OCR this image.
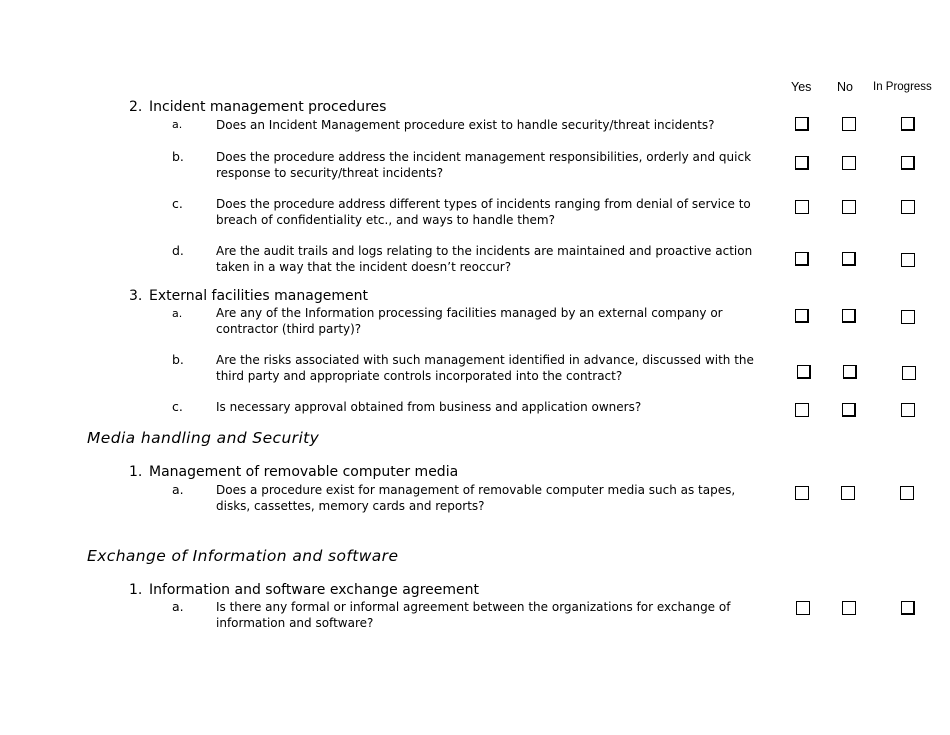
Yes No In Progress
2. Incident management procedures
a.	Does an Incident Management procedure exist to handle security/threat incidents?
b.	Does the procedure address the incident management responsibilities, orderly and quick response to security/threat incidents?
c.	Does the procedure address different types of incidents ranging from denial of service to breach of confidentiality etc., and ways to handle them?
d.	Are the audit trails and logs relating to the incidents are maintained and proactive action taken in a way that the incident doesn’t reoccur?
3. External facilities management
a.	Are any of the Information processing facilities managed by an external company or contractor (third party)?
b.	Are the risks associated with such management identified in advance, discussed with the third party and appropriate controls incorporated into the contract?
c.	Is necessary approval obtained from business and application owners?
Media handling and Security
1. Management of removable computer media
a.	Does a procedure exist for management of removable computer media such as tapes, disks, cassettes, memory cards and reports?
Exchange of Information and software
1. Information and software exchange agreement
a.	Is there any formal or informal agreement between the organizations for exchange of information and software?
